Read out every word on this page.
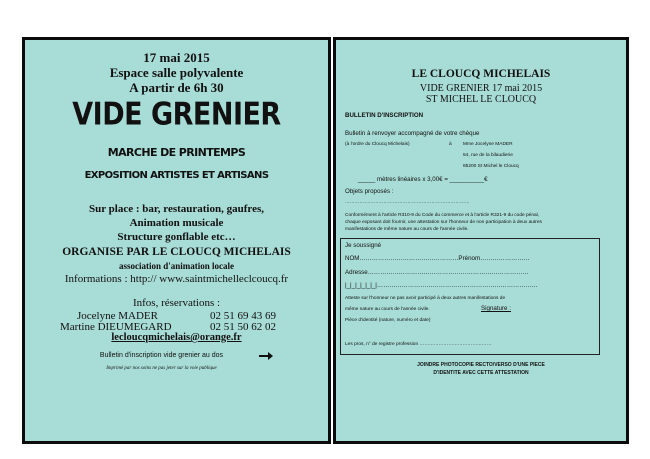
17 mai 2015
Espace salle polyvalente
A partir de 6h 30
VIDE GRENIER
MARCHE DE PRINTEMPS
EXPOSITION ARTISTES ET ARTISANS
Sur place : bar, restauration, gaufres,
Animation musicale
Structure gonflable etc…
ORGANISE PAR LE CLOUCQ MICHELAIS
association d'animation locale
Informations : http:// www.saintmichelleclcoucq.fr
Infos, réservations :
Jocelyne MADER	02 51 69 43 69
Martine DIEUMEGARD	02 51 50 62 02
lecloucqmichelais@orange.fr
Bulletin d'inscription vide grenier au dos
Imprimé par nos soins ne pas jeter sur la voie publique
LE CLOUCQ MICHELAIS
VIDE GRENIER 17 mai 2015
ST MICHEL LE CLOUCQ
BULLETIN D'INSCRIPTION
Bulletin à renvoyer accompagné de votre chèque
(à l'ordre du Cloucq Michelais)	à Mme Jocelyne MADER
54, rue de la bilaudierie
85200 St Michel le Cloucq
_____ mètres linéaires x 3,00€ = __________€
Objets proposés :
……………………………………………………………………
Conformément à l'article R310-9 du Code du commerce et à l'article R321-9 du code pénal,
chaque exposant doit fournir, une attestation sur l'honneur de non participation à deux autres
manifestations de même nature au cours de l'année civile.
Je soussigné
NOM…………………………………………Prénom……………………
Adresse……………………………………………………………………
|_|_|_|_|_|_|……………………………………………………………………
Atteste sur l'honneur ne pas avoir participé à deux autres manifestations de
même nature au cours de l'année civile.	Signature :
Pièce d'identité (nature, numéro et date)
Les pros, n° de registre profession ………………………………………
JOINDRE PHOTOCOPIE RECTO/VERSO D'UNE PIECE
D'IDENTITE AVEC CETTE ATTESTATION
